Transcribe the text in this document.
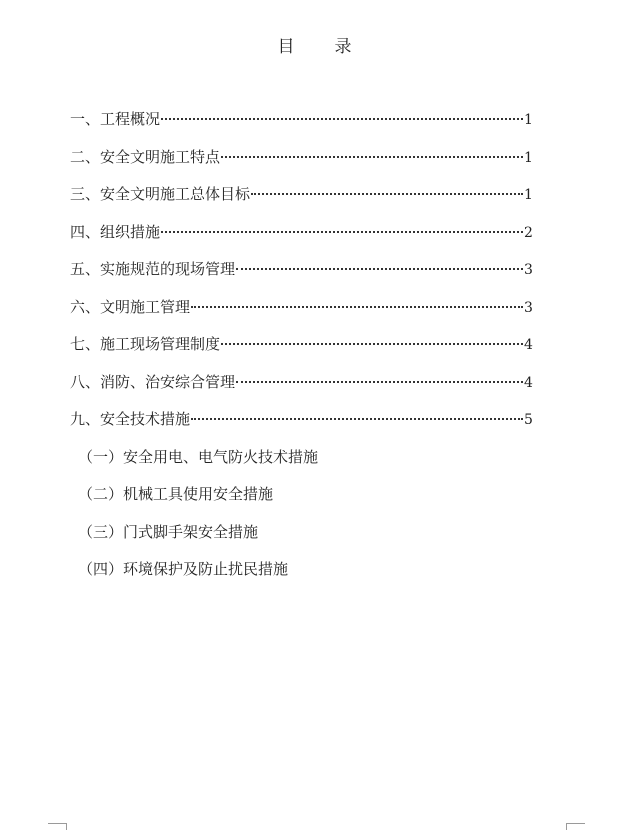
目 录
一、工程概况	1
二、安全文明施工特点	1
三、安全文明施工总体目标	1
四、组织措施	2
五、实施规范的现场管理	3
六、文明施工管理	3
七、施工现场管理制度	4
八、消防、治安综合管理	4
九、安全技术措施	5
（一）安全用电、电气防火技术措施
（二）机械工具使用安全措施
（三）门式脚手架安全措施
（四）环境保护及防止扰民措施
